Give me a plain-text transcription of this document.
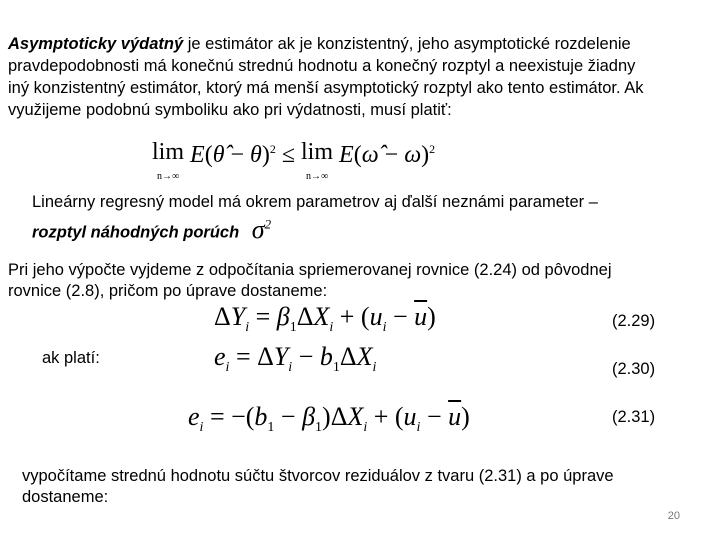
Asymptoticky výdatný je estimátor ak je konzistentný, jeho asymptotické rozdelenie
pravdepodobnosti má konečnú strednú hodnotu a konečný rozptyl a neexistuje žiadny
iný konzistentný estimátor, ktorý má menší asymptotický rozptyl ako tento estimátor. Ak
využijeme podobnú symboliku ako pri výdatnosti, musí platiť:
lim
n→∞ E(θ̂ − θ)$^2$ ≤ lim
n→∞ E(ω̂ − ω)$^2$
Lineárny regresný model má okrem parametrov aj ďalší neznámi parameter –
rozptyl náhodných porúch $\sigma^2$
Pri jeho výpočte vyjdeme z odpočítania spriemerovanej rovnice (2.24) od pôvodnej
rovnice (2.8), pričom po úprave dostaneme:
$\Delta Y_i = \beta_1\Delta X_i + (u_i - \overline{u})$	(2.29)
ak platí:	$e_i = \Delta Y_i - b_1\Delta X_i$	(2.30)
$e_i = -(b_1 - \beta_1)\Delta X_i + (u_i - \overline{u})$	(2.31)
vypočítame strednú hodnotu súčtu štvorcov reziduálov z tvaru (2.31) a po úprave
dostaneme:
20
